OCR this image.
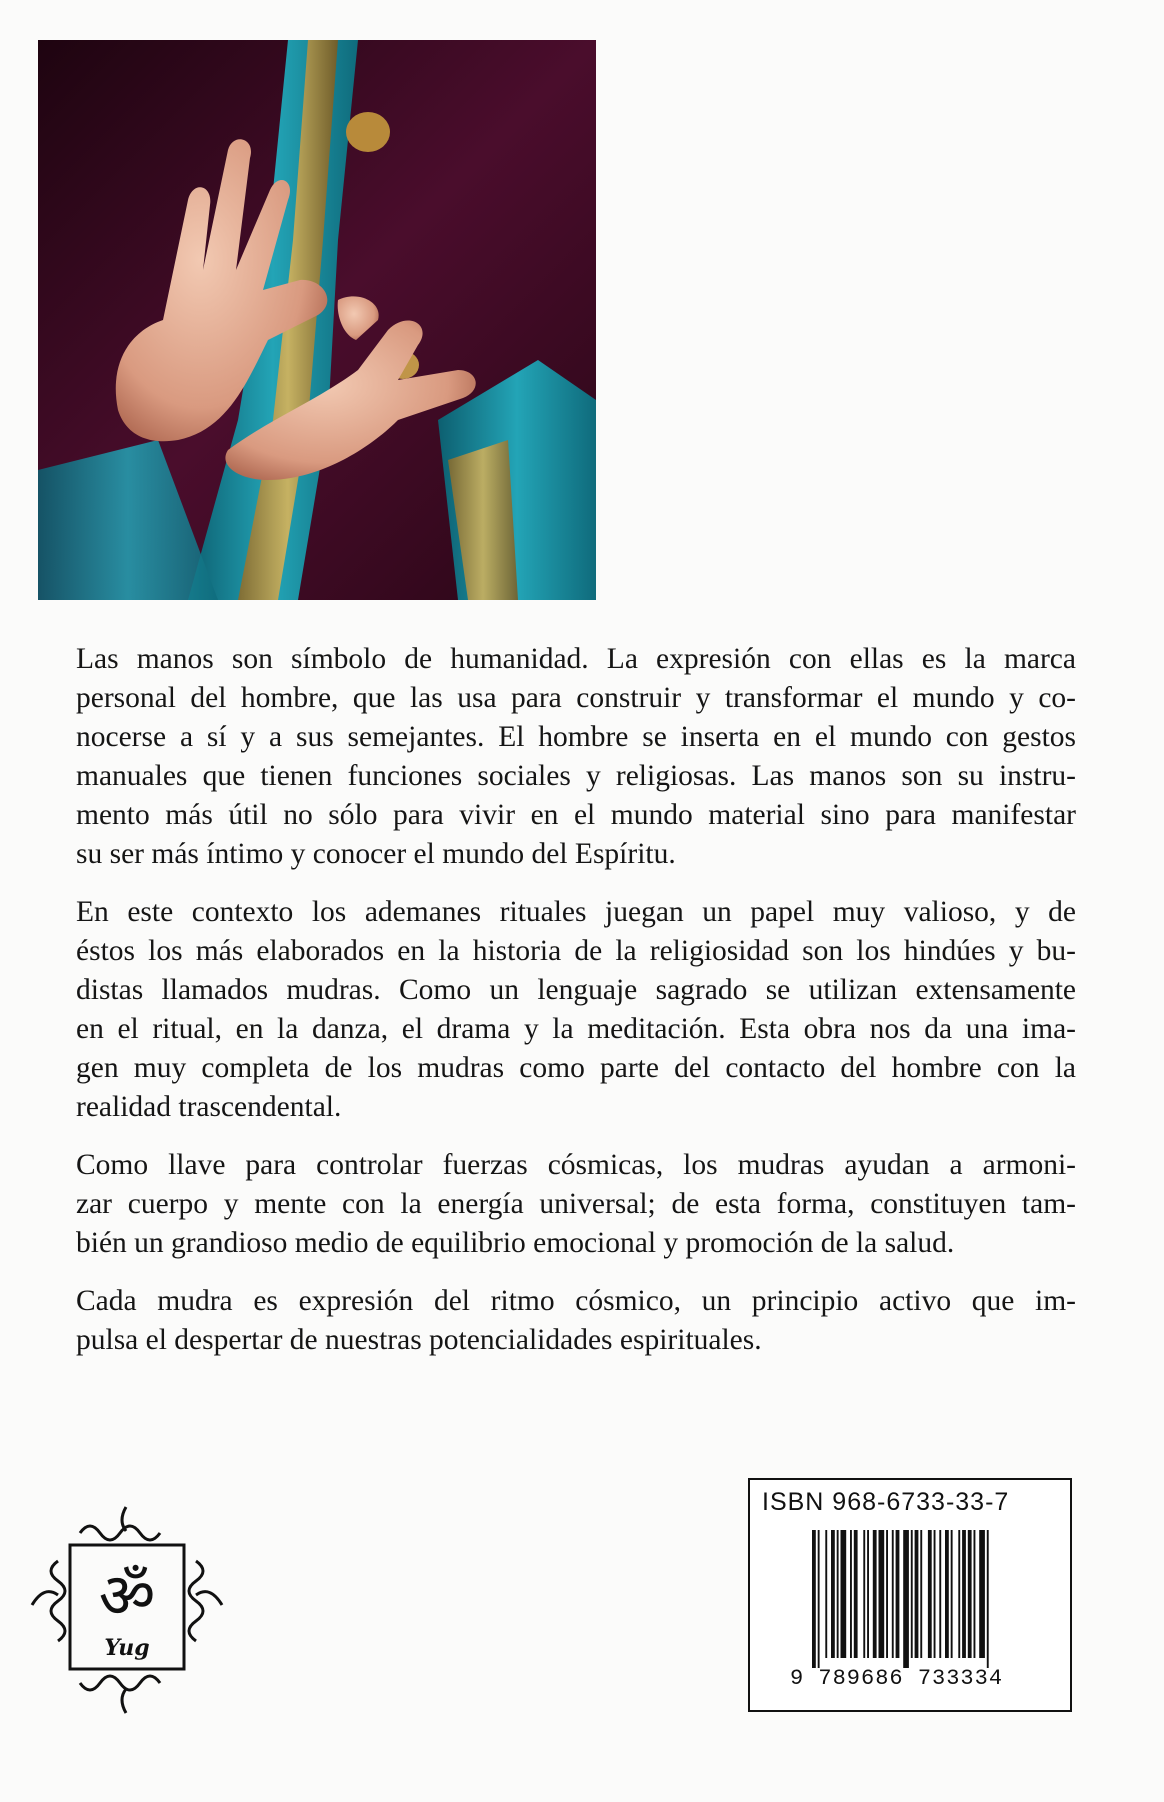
Las manos son símbolo de humanidad. La expresión con ellas es la marca
personal del hombre, que las usa para construir y transformar el mundo y co-
nocerse a sí y a sus semejantes. El hombre se inserta en el mundo con gestos
manuales que tienen funciones sociales y religiosas. Las manos son su instru-
mento más útil no sólo para vivir en el mundo material sino para manifestar
su ser más íntimo y conocer el mundo del Espíritu.

En este contexto los ademanes rituales juegan un papel muy valioso, y de
éstos los más elaborados en la historia de la religiosidad son los hindúes y bu-
distas llamados mudras. Como un lenguaje sagrado se utilizan extensamente
en el ritual, en la danza, el drama y la meditación. Esta obra nos da una ima-
gen muy completa de los mudras como parte del contacto del hombre con la
realidad trascendental.

Como llave para controlar fuerzas cósmicas, los mudras ayudan a armoni-
zar cuerpo y mente con la energía universal; de esta forma, constituyen tam-
bién un grandioso medio de equilibrio emocional y promoción de la salud.

Cada mudra es expresión del ritmo cósmico, un principio activo que im-
pulsa el despertar de nuestras potencialidades espirituales.

ॐ
Yug
ISBN 968-6733-33-7
9 789686 733334
